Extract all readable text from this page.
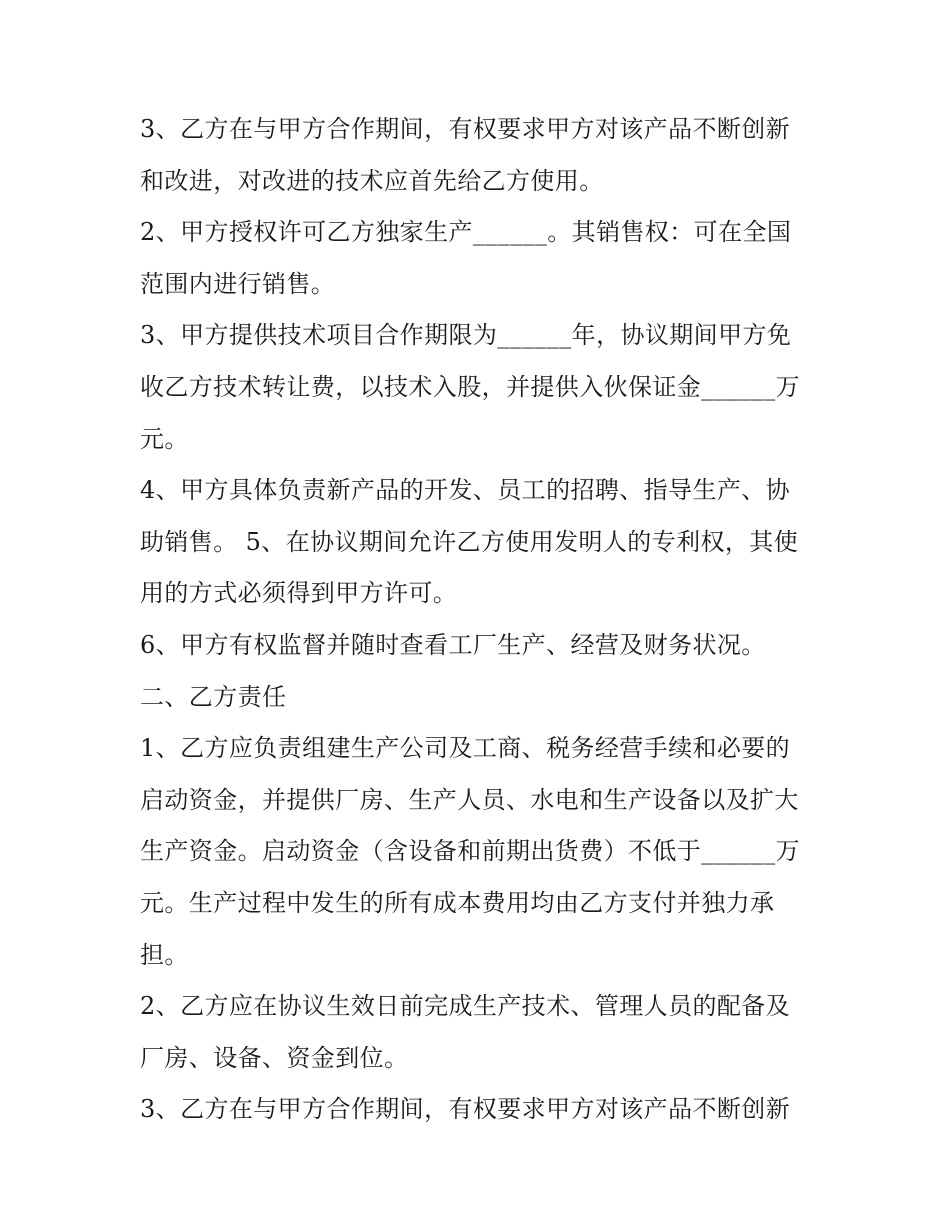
3、乙方在与甲方合作期间，有权要求甲方对该产品不断创新
和改进，对改进的技术应首先给乙方使用。
2、甲方授权许可乙方独家生产______。其销售权：可在全国
范围内进行销售。
3、甲方提供技术项目合作期限为______年，协议期间甲方免
收乙方技术转让费，以技术入股，并提供入伙保证金______万
元。
4、甲方具体负责新产品的开发、员工的招聘、指导生产、协
助销售。 5、在协议期间允许乙方使用发明人的专利权，其使
用的方式必须得到甲方许可。
6、甲方有权监督并随时查看工厂生产、经营及财务状况。
二、乙方责任
1、乙方应负责组建生产公司及工商、税务经营手续和必要的
启动资金，并提供厂房、生产人员、水电和生产设备以及扩大
生产资金。启动资金（含设备和前期出货费）不低于______万
元。生产过程中发生的所有成本费用均由乙方支付并独力承
担。
2、乙方应在协议生效日前完成生产技术、管理人员的配备及
厂房、设备、资金到位。
3、乙方在与甲方合作期间，有权要求甲方对该产品不断创新
